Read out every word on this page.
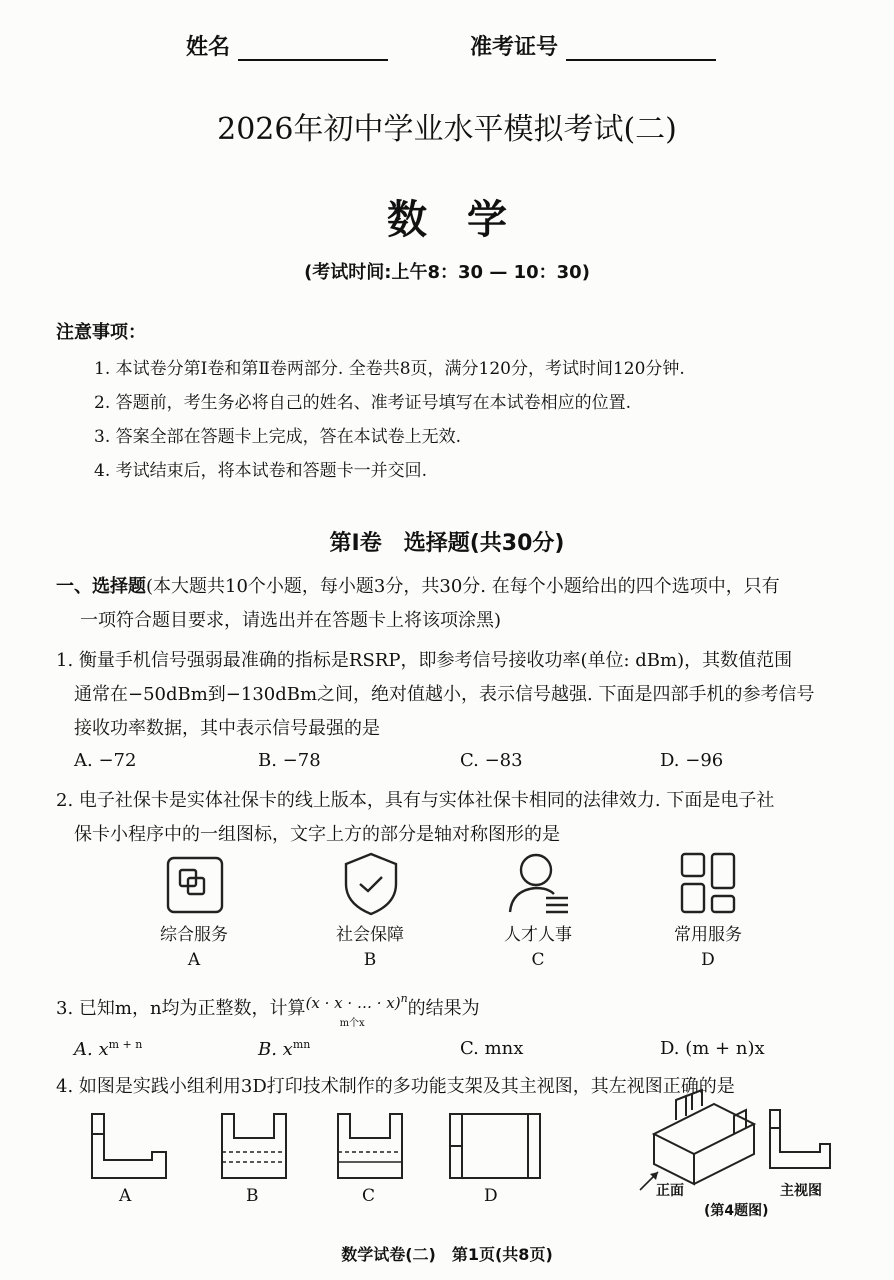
姓名	准考证号
2026年初中学业水平模拟考试(二)
数　学
(考试时间:上午8：30 — 10：30)
注意事项：
1. 本试卷分第Ⅰ卷和第Ⅱ卷两部分. 全卷共8页，满分120分，考试时间120分钟.
2. 答题前，考生务必将自己的姓名、准考证号填写在本试卷相应的位置.
3. 答案全部在答题卡上完成，答在本试卷上无效.
4. 考试结束后，将本试卷和答题卡一并交回.
第Ⅰ卷　选择题(共30分)
一、选择题(本大题共10个小题，每小题3分，共30分. 在每个小题给出的四个选项中，只有
一项符合题目要求，请选出并在答题卡上将该项涂黑)
1. 衡量手机信号强弱最准确的指标是RSRP，即参考信号接收功率(单位: dBm)，其数值范围
通常在−50dBm到−130dBm之间，绝对值越小，表示信号越强. 下面是四部手机的参考信号
接收功率数据，其中表示信号最强的是
A. −72	B. −78	C. −83	D. −96
2. 电子社保卡是实体社保卡的线上版本，具有与实体社保卡相同的法律效力. 下面是电子社
保卡小程序中的一组图标，文字上方的部分是轴对称图形的是
综合服务	社会保障	人才人事	常用服务
A	B	C	D
3. 已知m，n均为正整数，计算(x · x · … · x)$^n$
m个x
的结果为
A. $x^{m + n}$	B. $x^{mn}$	C. mnx	D. (m + n)x
4. 如图是实践小组利用3D打印技术制作的多功能支架及其主视图，其左视图正确的是
A	B	C	D	正面	主视图
(第4题图)
数学试卷(二)　第1页(共8页)
